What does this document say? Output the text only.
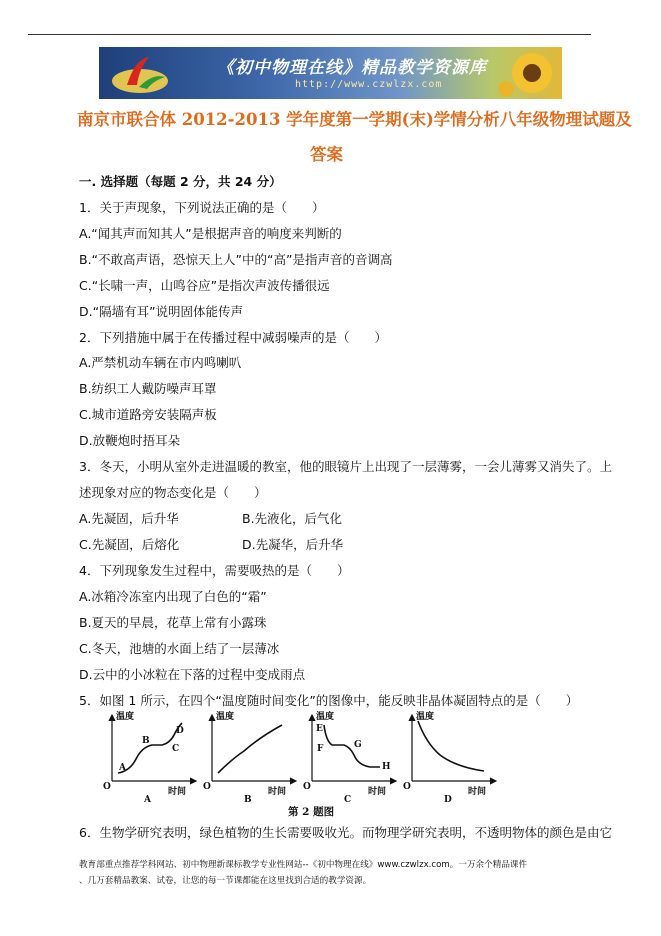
《初中物理在线》精品教学资源库
http://www.czwlzx.com
南京市联合体 2012-2013 学年度第一学期(末)学情分析八年级物理试题及
答案
一. 选择题（每题 2 分，共 24 分）
1．关于声现象，下列说法正确的是（　　）
A.“闻其声而知其人”是根据声音的响度来判断的
B.“不敢高声语，恐惊天上人”中的“高”是指声音的音调高
C.“长啸一声，山鸣谷应”是指次声波传播很远
D.“隔墙有耳”说明固体能传声
2．下列措施中属于在传播过程中减弱噪声的是（　　）
A.严禁机动车辆在市内鸣喇叭
B.纺织工人戴防噪声耳罩
C.城市道路旁安装隔声板
D.放鞭炮时捂耳朵
3．冬天，小明从室外走进温暖的教室，他的眼镜片上出现了一层薄雾，一会儿薄雾又消失了。上
述现象对应的物态变化是（　　）
A.先凝固，后升华	B.先液化，后气化
C.先凝固，后熔化	D.先凝华，后升华
4．下列现象发生过程中，需要吸热的是（　　）
A.冰箱冷冻室内出现了白色的“霜”
B.夏天的早晨，花草上常有小露珠
C.冬天，池塘的水面上结了一层薄冰
D.云中的小冰粒在下落的过程中变成雨点
5．如图 1 所示，在四个“温度随时间变化”的图像中，能反映非晶体凝固特点的是（　　）
温度
O	时间
A
B
C
D
A
温度
O	时间
B
温度
O	时间
E
F	G
H
C
温度
O	时间
D
第 2 题图
6．生物学研究表明，绿色植物的生长需要吸收光。而物理学研究表明，不透明物体的颜色是由它
教育部重点推荐学科网站、初中物理新课标教学专业性网站--《初中物理在线》www.czwlzx.com。一万余个精品课件
、几万套精品教案、试卷，让您的每一节课都能在这里找到合适的教学资源。
